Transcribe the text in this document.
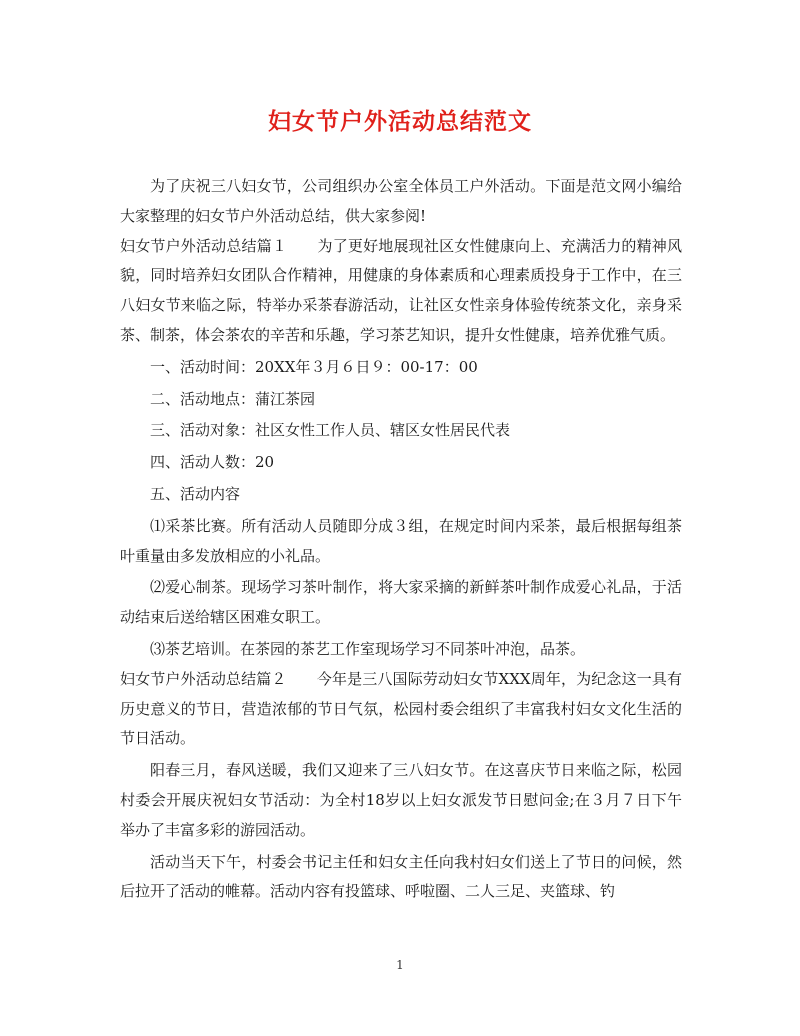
妇女节户外活动总结范文

为了庆祝三八妇女节，公司组织办公室全体员工户外活动。下面是范文网小编给大家整理的妇女节户外活动总结，供大家参阅!

妇女节户外活动总结篇１　　为了更好地展现社区女性健康向上、充满活力的精神风貌，同时培养妇女团队合作精神，用健康的身体素质和心理素质投身于工作中，在三八妇女节来临之际，特举办采茶春游活动，让社区女性亲身体验传统茶文化，亲身采茶、制茶，体会茶农的辛苦和乐趣，学习茶艺知识，提升女性健康，培养优雅气质。

一、活动时间：20XX年３月６日９：00-17：00

二、活动地点：蒲江茶园

三、活动对象：社区女性工作人员、辖区女性居民代表

四、活动人数：20

五、活动内容

⑴采茶比赛。所有活动人员随即分成３组，在规定时间内采茶，最后根据每组茶叶重量由多发放相应的小礼品。

⑵爱心制茶。现场学习茶叶制作，将大家采摘的新鲜茶叶制作成爱心礼品，于活动结束后送给辖区困难女职工。

⑶茶艺培训。在茶园的茶艺工作室现场学习不同茶叶冲泡，品茶。

妇女节户外活动总结篇２　　今年是三八国际劳动妇女节XXX周年，为纪念这一具有历史意义的节日，营造浓郁的节日气氛，松园村委会组织了丰富我村妇女文化生活的节日活动。

阳春三月，春风送暖，我们又迎来了三八妇女节。在这喜庆节日来临之际，松园村委会开展庆祝妇女节活动：为全村18岁以上妇女派发节日慰问金;在３月７日下午举办了丰富多彩的游园活动。

活动当天下午，村委会书记主任和妇女主任向我村妇女们送上了节日的问候，然后拉开了活动的帷幕。活动内容有投篮球、呼啦圈、二人三足、夹篮球、钓

1
